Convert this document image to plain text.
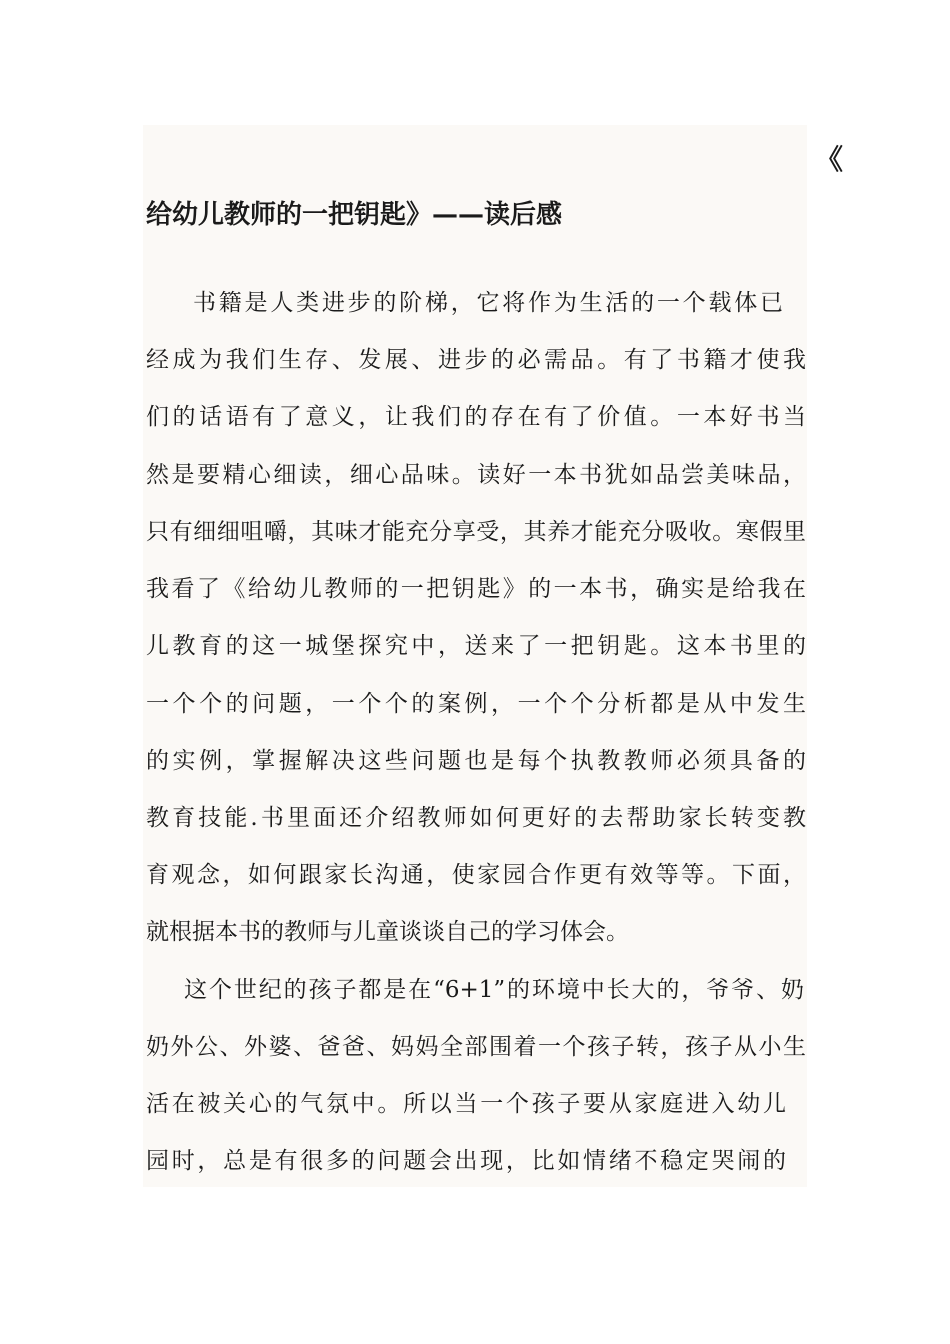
《
给幼儿教师的一把钥匙》——读后感
书籍是人类进步的阶梯，它将作为生活的一个载体已
经成为我们生存、发展、进步的必需品。有了书籍才使我
们的话语有了意义，让我们的存在有了价值。一本好书当
然是要精心细读，细心品味。读好一本书犹如品尝美味品，
只有细细咀嚼，其味才能充分享受，其养才能充分吸收。寒假里
我看了《给幼儿教师的一把钥匙》的一本书，确实是给我在
儿教育的这一城堡探究中，送来了一把钥匙。这本书里的
一个个的问题，一个个的案例，一个个分析都是从中发生
的实例，掌握解决这些问题也是每个执教教师必须具备的
教育技能.书里面还介绍教师如何更好的去帮助家长转变教
育观念，如何跟家长沟通，使家园合作更有效等等。下面，
就根据本书的教师与儿童谈谈自己的学习体会。
这个世纪的孩子都是在“6+1”的环境中长大的，爷爷、奶
奶外公、外婆、爸爸、妈妈全部围着一个孩子转，孩子从小生
活在被关心的气氛中。所以当一个孩子要从家庭进入幼儿
园时，总是有很多的问题会出现，比如情绪不稳定哭闹的
